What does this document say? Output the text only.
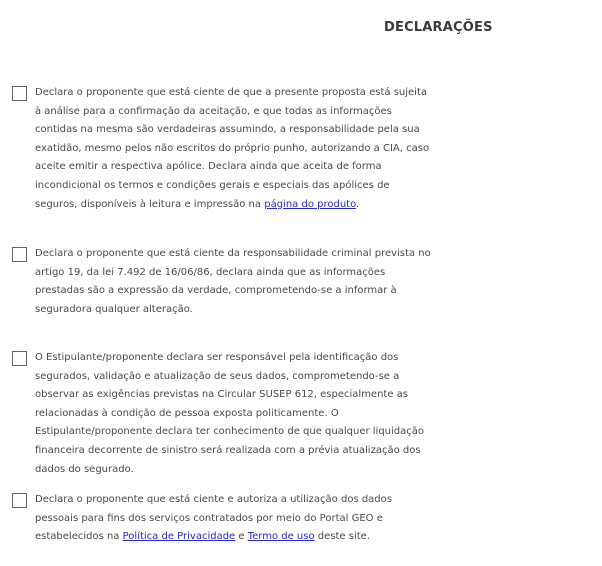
DECLARAÇÕES
Declara o proponente que está ciente de que a presente proposta está sujeita à análise para a confirmação da aceitação, e que todas as informações contidas na mesma são verdadeiras assumindo, a responsabilidade pela sua exatidão, mesmo pelos não escritos do próprio punho, autorizando a CIA, caso aceite emitir a respectiva apólice. Declara ainda que aceita de forma incondicional os termos e condições gerais e especiais das apólices de seguros, disponíveis à leitura e impressão na página do produto.
Declara o proponente que está ciente da responsabilidade criminal prevista no artigo 19, da lei 7.492 de 16/06/86, declara ainda que as informações prestadas são a expressão da verdade, comprometendo-se a informar à seguradora qualquer alteração.
O Estipulante/proponente declara ser responsável pela identificação dos segurados, validação e atualização de seus dados, comprometendo-se a observar as exigências previstas na Circular SUSEP 612, especialmente as relacionadas à condição de pessoa exposta politicamente. O Estipulante/proponente declara ter conhecimento de que qualquer liquidação financeira decorrente de sinistro será realizada com a prévia atualização dos dados do segurado.
Declara o proponente que está ciente e autoriza a utilização dos dados pessoais para fins dos serviços contratados por meio do Portal GEO e estabelecidos na Política de Privacidade e Termo de uso deste site.
